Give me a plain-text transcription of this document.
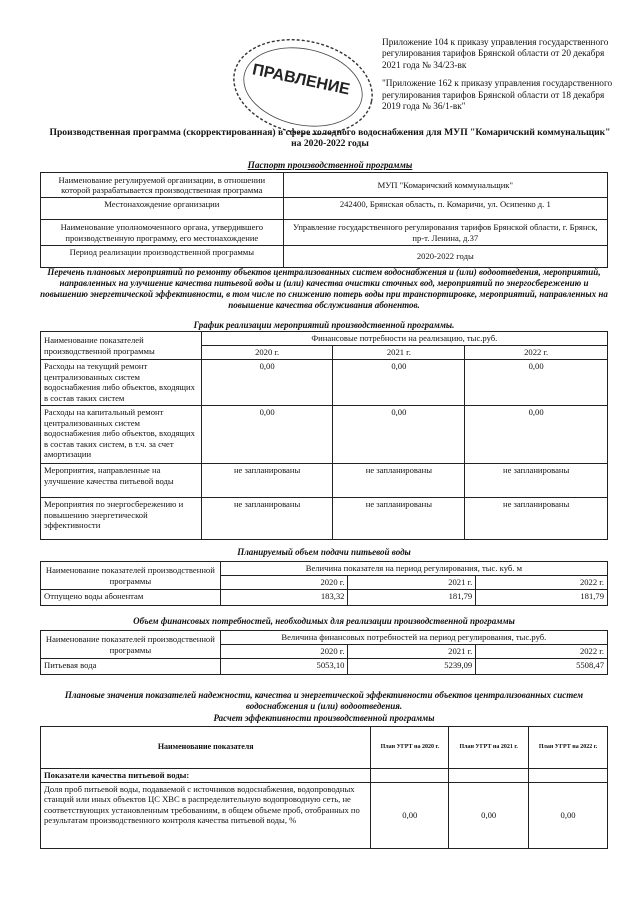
Приложение 104 к приказу управления государственного регулирования тарифов Брянской области от 20 декабря 2021 года № 34/23-вк

"Приложение 162 к приказу управления государственного регулирования тарифов Брянской области от 18 декабря 2019 года № 36/1-вк"

ПРАВЛЕНИЕ
Производственная программа (скорректированная) в сфере холодного водоснабжения для МУП "Комаричский коммунальщик"
на 2020-2022 годы
Паспорт производственной программы
Наименование регулируемой организации, в отношении которой разрабатывается производственная программа	МУП "Комаричский коммунальщик"
Местонахождение организации	242400, Брянская область, п. Комаричи, ул. Осипенко д. 1
Наименование уполномоченного органа, утвердившего производственную программу, его местонахождение	Управление государственного регулирования тарифов Брянской области, г. Брянск, пр-т. Ленина, д.37
Период реализации производственной программы	2020-2022 годы
Перечень плановых мероприятий по ремонту объектов централизованных систем водоснабжения и (или) водоотведения, мероприятий, направленных на улучшение качества питьевой воды и (или) качества очистки сточных вод, мероприятий по энергосбережению и повышению энергетической эффективности, в том числе по снижению потерь воды при транспортировке, мероприятий, направленных на повышение качества обслуживания абонентов.
График реализации мероприятий производственной программы.
Наименование показателей производственной программы	Финансовые потребности на реализацию, тыс.руб.		
	2020 г.	2021 г.	2022 г.
Расходы на текущий ремонт централизованных систем водоснабжения либо объектов, входящих в состав таких систем	0,00	0,00	0,00
Расходы на капитальный ремонт централизованных систем водоснабжения либо объектов, входящих в состав таких систем, в т.ч. за счет амортизации	0,00	0,00	0,00
Мероприятия, направленные на улучшение качества питьевой воды	не запланированы	не запланированы	не запланированы
Мероприятия по энергосбережению и повышению энергетической эффективности	не запланированы	не запланированы	не запланированы
Планируемый объем подачи питьевой воды
Наименование показателей производственной программы	Величина показателя на период регулирования, тыс. куб. м		
	2020 г.	2021 г.	2022 г.
Отпущено воды абонентам	183,32	181,79	181,79
Объем финансовых потребностей, необходимых для реализации производственной программы
Наименование показателей производственной программы	Величина финансовых потребностей на период регулирования, тыс.руб.		
	2020 г.	2021 г.	2022 г.
Питьевая вода	5053,10	5239,09	5508,47
Плановые значения показателей надежности, качества и энергетической эффективности объектов централизованных систем водоснабжения и (или) водоотведения.
Расчет эффективности производственной программы
Наименование показателя	План УГРТ на 2020 г.	План УГРТ на 2021 г.	План УГРТ на 2022 г.
Показатели качества питьевой воды:			
Доля проб питьевой воды, подаваемой с источников водоснабжения, водопроводных станций или иных объектов ЦС ХВС в распределительную водопроводную сеть, не соответствующих установленным требованиям, в общем объеме проб, отобранных по результатам производственного контроля качества питьевой воды, %	0,00	0,00	0,00
